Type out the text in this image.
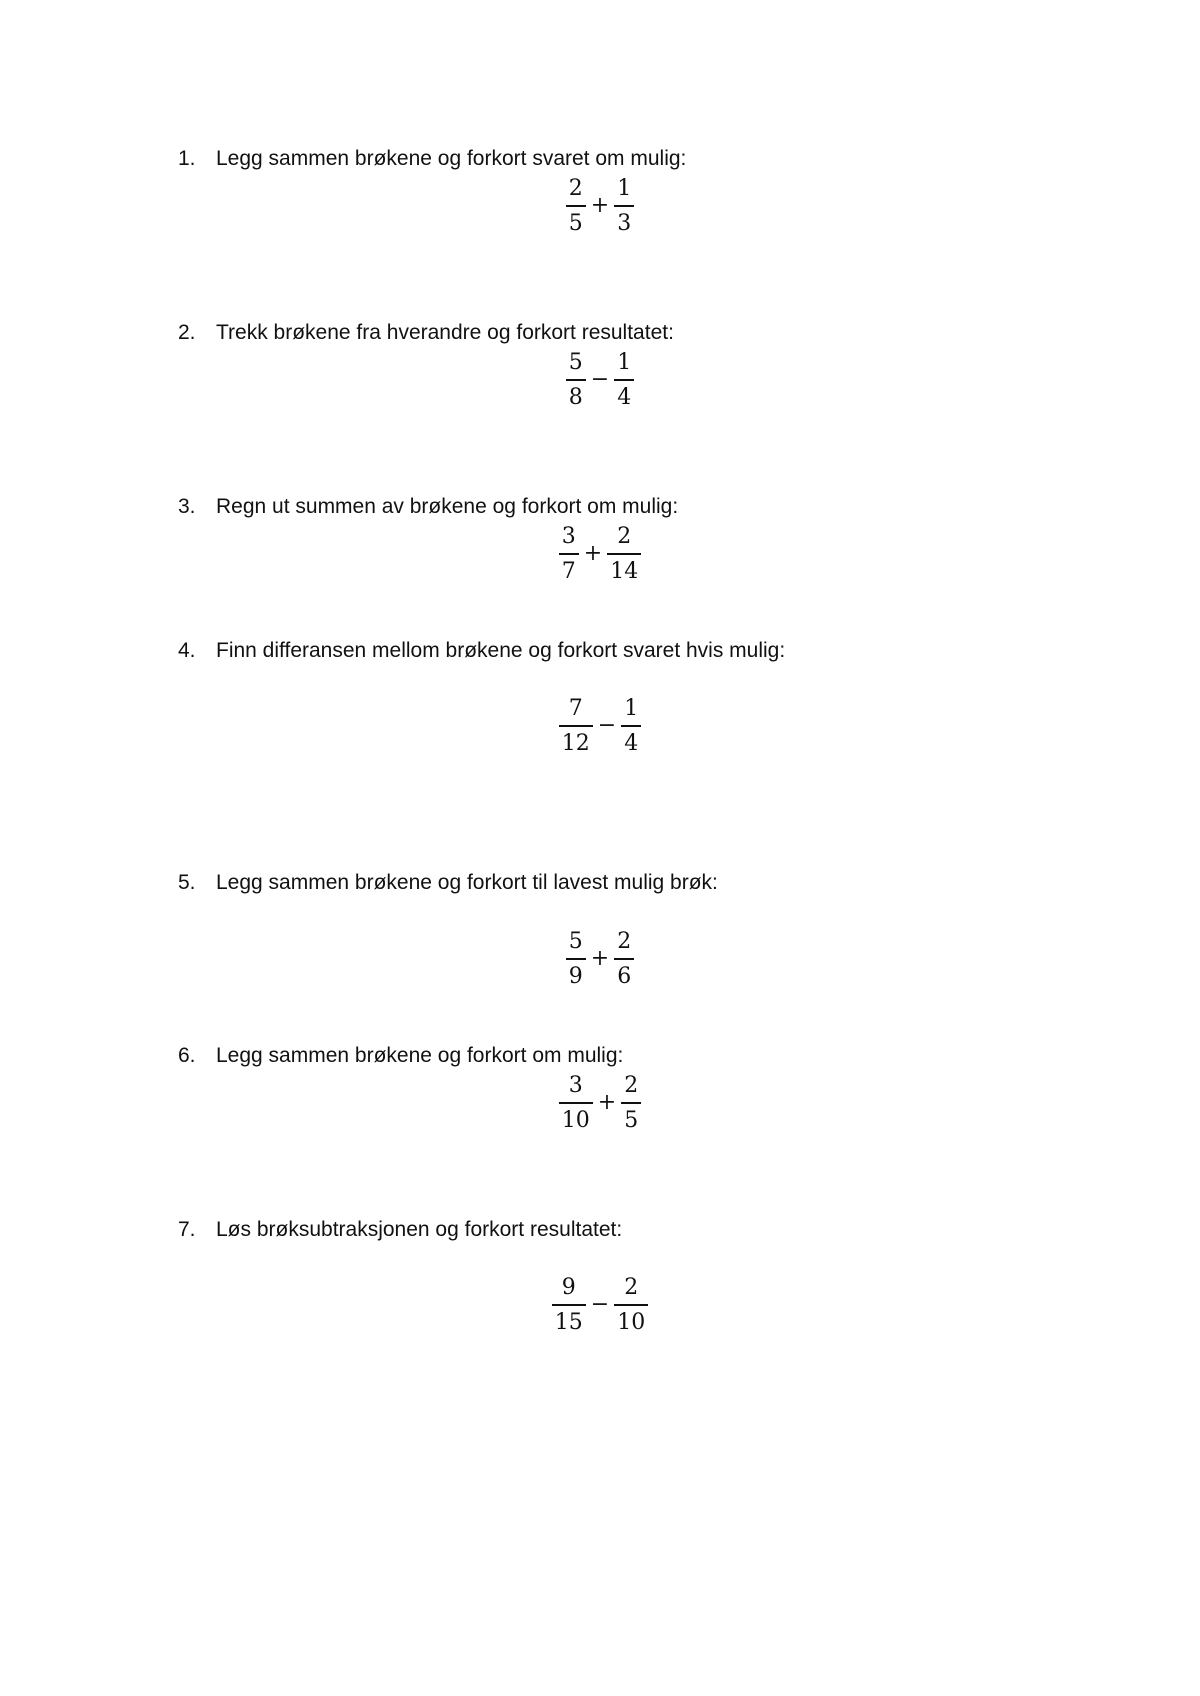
1. Legg sammen brøkene og forkort svaret om mulig:
$\frac{2}{5} + \frac{1}{3}$
2. Trekk brøkene fra hverandre og forkort resultatet:
$\frac{5}{8} - \frac{1}{4}$
3. Regn ut summen av brøkene og forkort om mulig:
$\frac{3}{7} + \frac{2}{14}$
4. Finn differansen mellom brøkene og forkort svaret hvis mulig:
$\frac{7}{12} - \frac{1}{4}$
5. Legg sammen brøkene og forkort til lavest mulig brøk:
$\frac{5}{9} + \frac{2}{6}$
6. Legg sammen brøkene og forkort om mulig:
$\frac{3}{10} + \frac{2}{5}$
7. Løs brøksubtraksjonen og forkort resultatet:
$\frac{9}{15} - \frac{2}{10}$
